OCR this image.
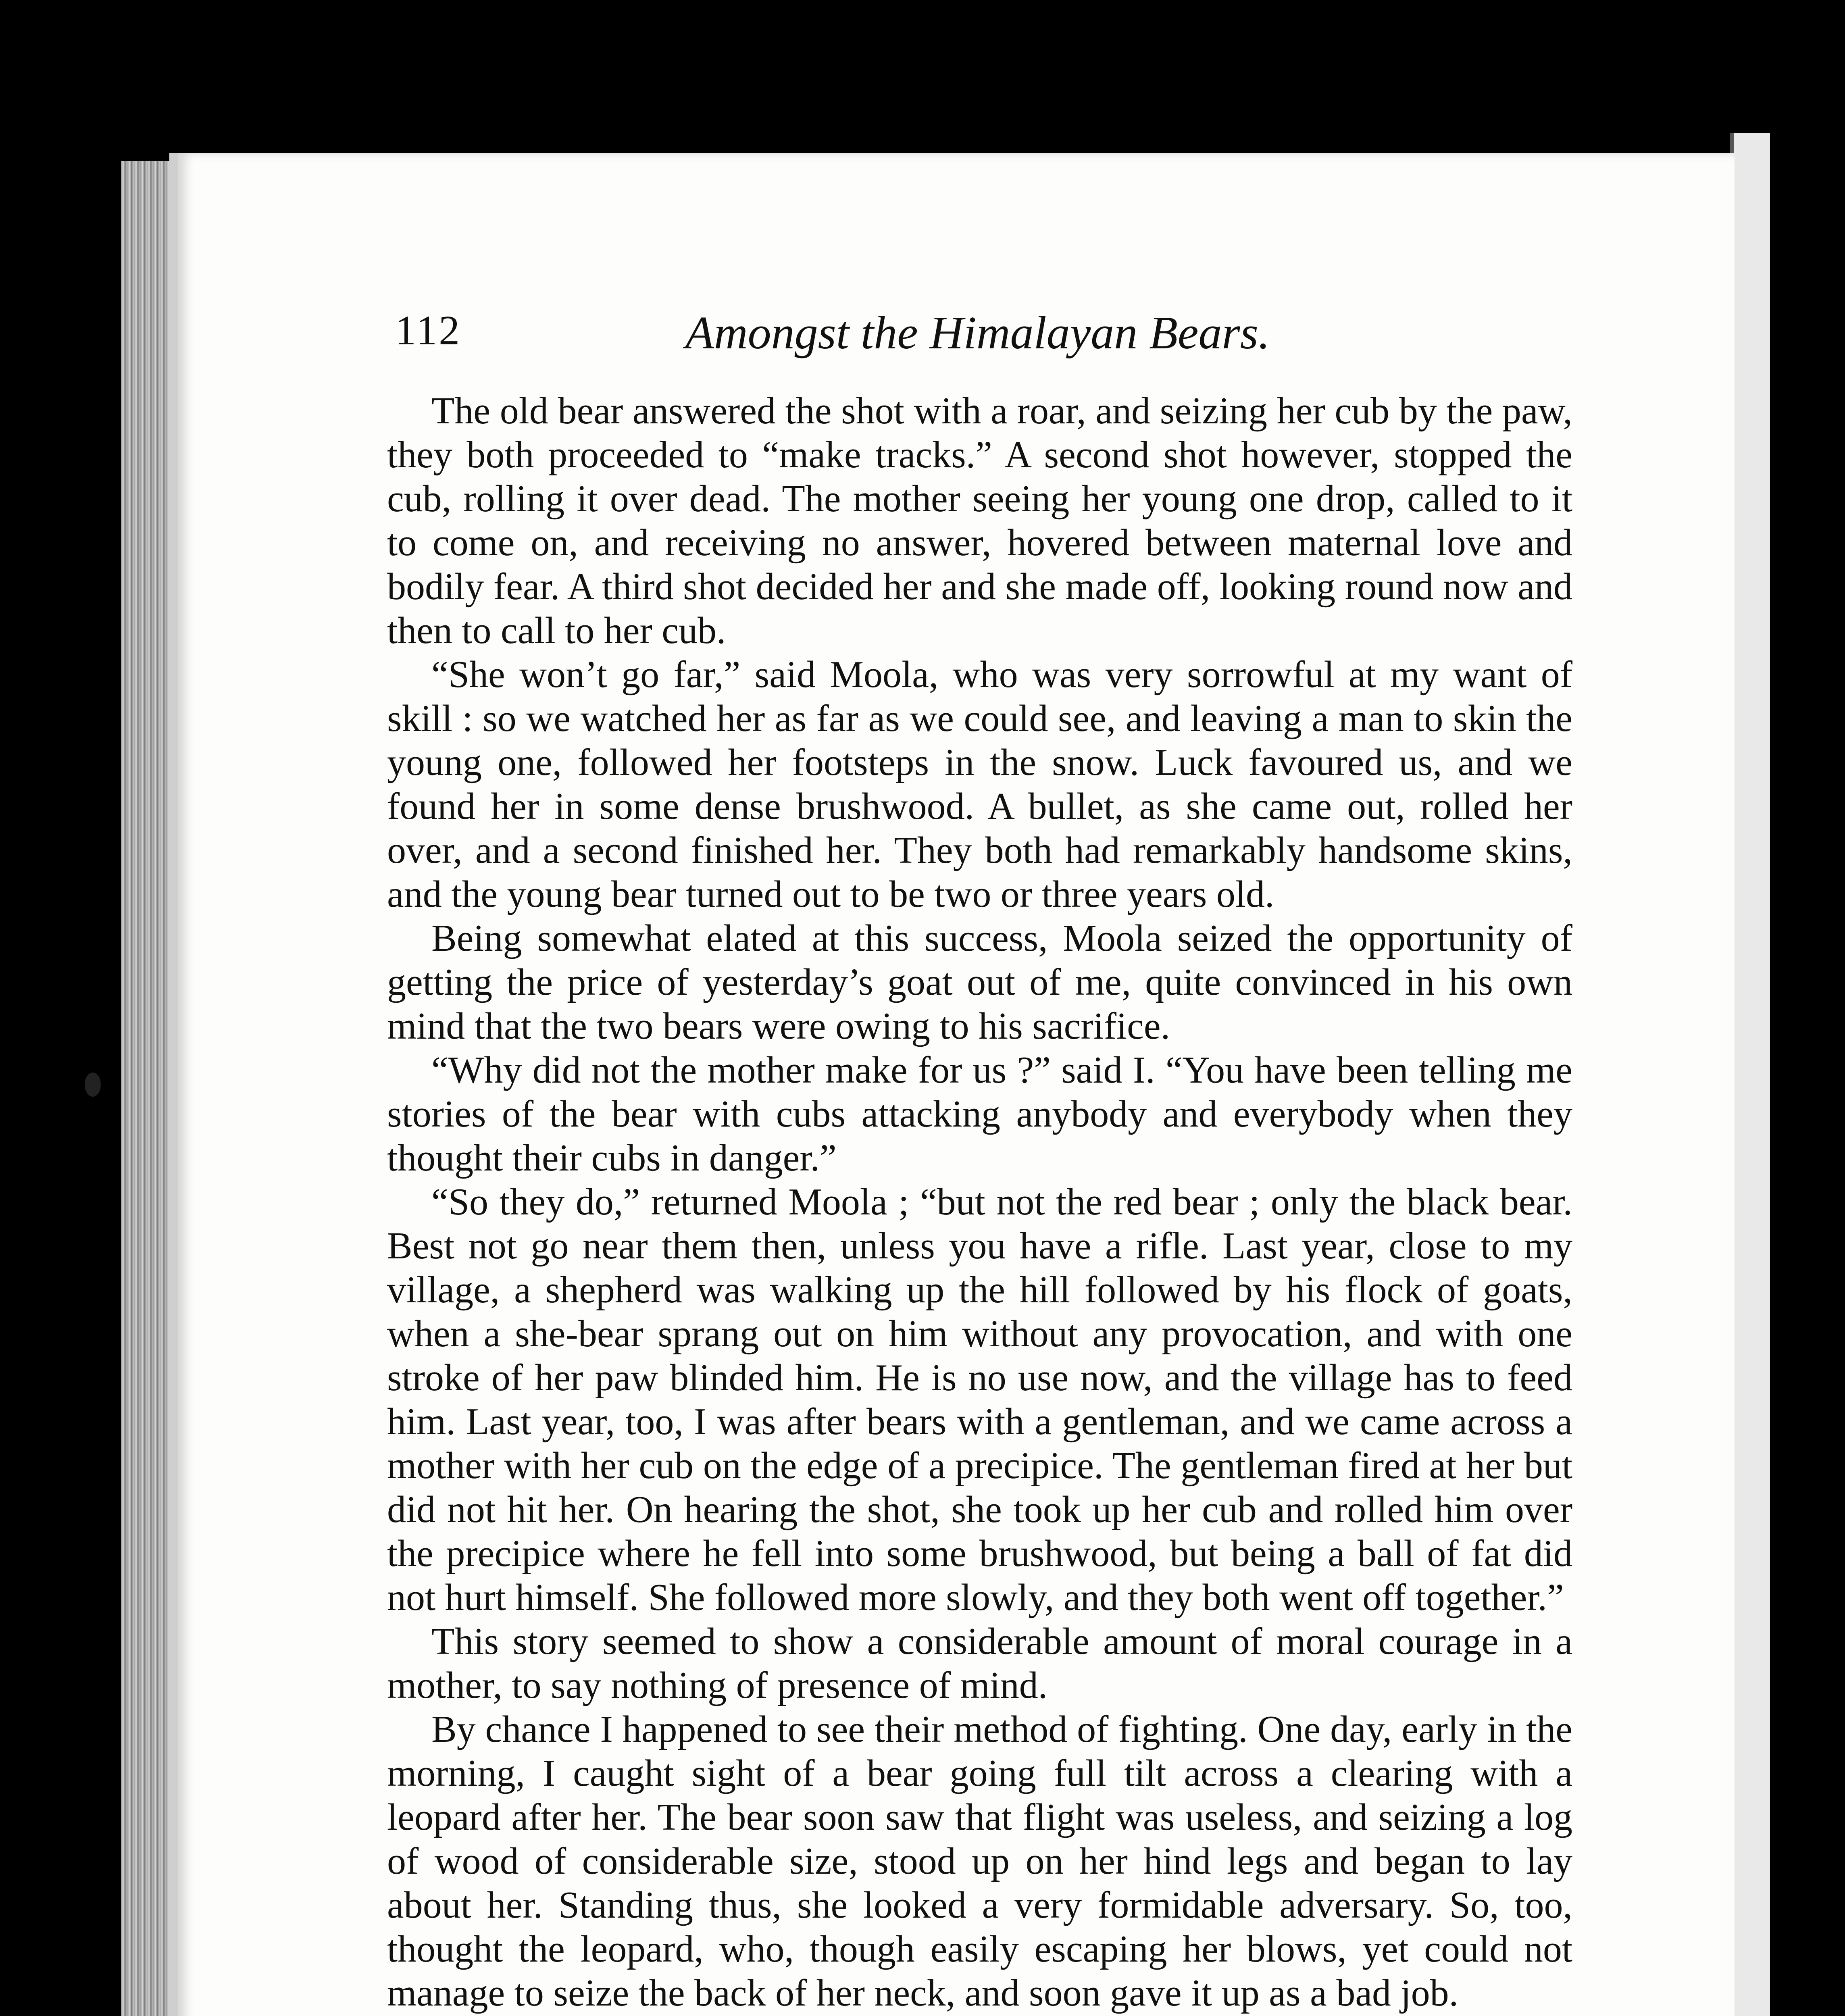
112	Amongst the Himalayan Bears.

The old bear answered the shot with a roar, and seizing her cub by the paw, they both proceeded to “make tracks.” A second shot however, stopped the cub, rolling it over dead. The mother seeing her young one drop, called to it to come on, and receiving no answer, hovered between maternal love and bodily fear. A third shot decided her and she made off, looking round now and then to call to her cub.

“She won’t go far,” said Moola, who was very sorrowful at my want of skill : so we watched her as far as we could see, and leaving a man to skin the young one, followed her footsteps in the snow. Luck favoured us, and we found her in some dense brushwood. A bullet, as she came out, rolled her over, and a second finished her. They both had remarkably handsome skins, and the young bear turned out to be two or three years old.

Being somewhat elated at this success, Moola seized the opportunity of getting the price of yesterday’s goat out of me, quite convinced in his own mind that the two bears were owing to his sacrifice.

“Why did not the mother make for us ?” said I. “You have been telling me stories of the bear with cubs attacking anybody and everybody when they thought their cubs in danger.”

“So they do,” returned Moola ; “but not the red bear ; only the black bear. Best not go near them then, unless you have a rifle. Last year, close to my village, a shepherd was walking up the hill followed by his flock of goats, when a she-bear sprang out on him without any provocation, and with one stroke of her paw blinded him. He is no use now, and the village has to feed him. Last year, too, I was after bears with a gentleman, and we came across a mother with her cub on the edge of a precipice. The gentleman fired at her but did not hit her. On hearing the shot, she took up her cub and rolled him over the precipice where he fell into some brushwood, but being a ball of fat did not hurt himself. She followed more slowly, and they both went off together.”

This story seemed to show a considerable amount of moral courage in a mother, to say nothing of presence of mind.

By chance I happened to see their method of fighting. One day, early in the morning, I caught sight of a bear going full tilt across a clearing with a leopard after her. The bear soon saw that flight was useless, and seizing a log of wood of considerable size, stood up on her hind legs and began to lay about her. Standing thus, she looked a very formidable adversary. So, too, thought the leopard, who, though easily escaping her blows, yet could not manage to seize the back of her neck, and soon gave it up as a bad job.
